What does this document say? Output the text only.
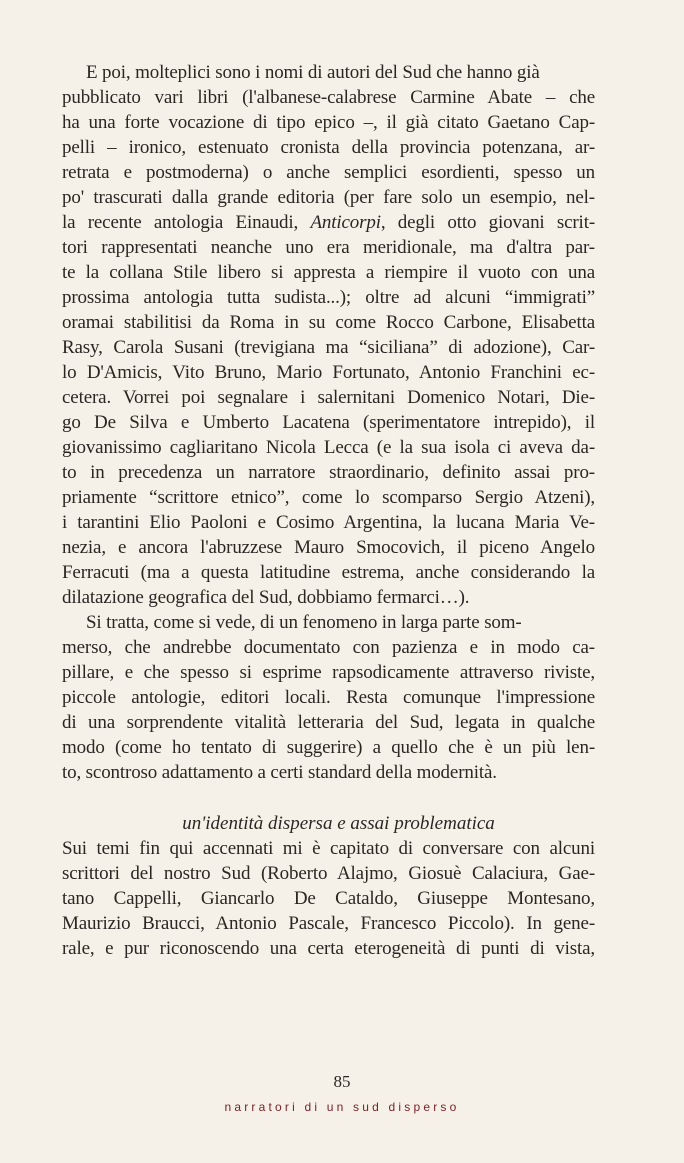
E poi, molteplici sono i nomi di autori del Sud che hanno già
pubblicato vari libri (l'albanese-calabrese Carmine Abate – che
ha una forte vocazione di tipo epico –, il già citato Gaetano Cap-
pelli – ironico, estenuato cronista della provincia potenzana, ar-
retrata e postmoderna) o anche semplici esordienti, spesso un
po' trascurati dalla grande editoria (per fare solo un esempio, nel-
la recente antologia Einaudi, Anticorpi, degli otto giovani scrit-
tori rappresentati neanche uno era meridionale, ma d'altra par-
te la collana Stile libero si appresta a riempire il vuoto con una
prossima antologia tutta sudista...); oltre ad alcuni “immigrati”
oramai stabilitisi da Roma in su come Rocco Carbone, Elisabetta
Rasy, Carola Susani (trevigiana ma “siciliana” di adozione), Car-
lo D'Amicis, Vito Bruno, Mario Fortunato, Antonio Franchini ec-
cetera. Vorrei poi segnalare i salernitani Domenico Notari, Die-
go De Silva e Umberto Lacatena (sperimentatore intrepido), il
giovanissimo cagliaritano Nicola Lecca (e la sua isola ci aveva da-
to in precedenza un narratore straordinario, definito assai pro-
priamente “scrittore etnico”, come lo scomparso Sergio Atzeni),
i tarantini Elio Paoloni e Cosimo Argentina, la lucana Maria Ve-
nezia, e ancora l'abruzzese Mauro Smocovich, il piceno Angelo
Ferracuti (ma a questa latitudine estrema, anche considerando la
dilatazione geografica del Sud, dobbiamo fermarci…).
Si tratta, come si vede, di un fenomeno in larga parte som-
merso, che andrebbe documentato con pazienza e in modo ca-
pillare, e che spesso si esprime rapsodicamente attraverso riviste,
piccole antologie, editori locali. Resta comunque l'impressione
di una sorprendente vitalità letteraria del Sud, legata in qualche
modo (come ho tentato di suggerire) a quello che è un più len-
to, scontroso adattamento a certi standard della modernità.
un'identità dispersa e assai problematica
Sui temi fin qui accennati mi è capitato di conversare con alcuni
scrittori del nostro Sud (Roberto Alajmo, Giosuè Calaciura, Gae-
tano Cappelli, Giancarlo De Cataldo, Giuseppe Montesano,
Maurizio Braucci, Antonio Pascale, Francesco Piccolo). In gene-
rale, e pur riconoscendo una certa eterogeneità di punti di vista,
85
narratori di un sud disperso
